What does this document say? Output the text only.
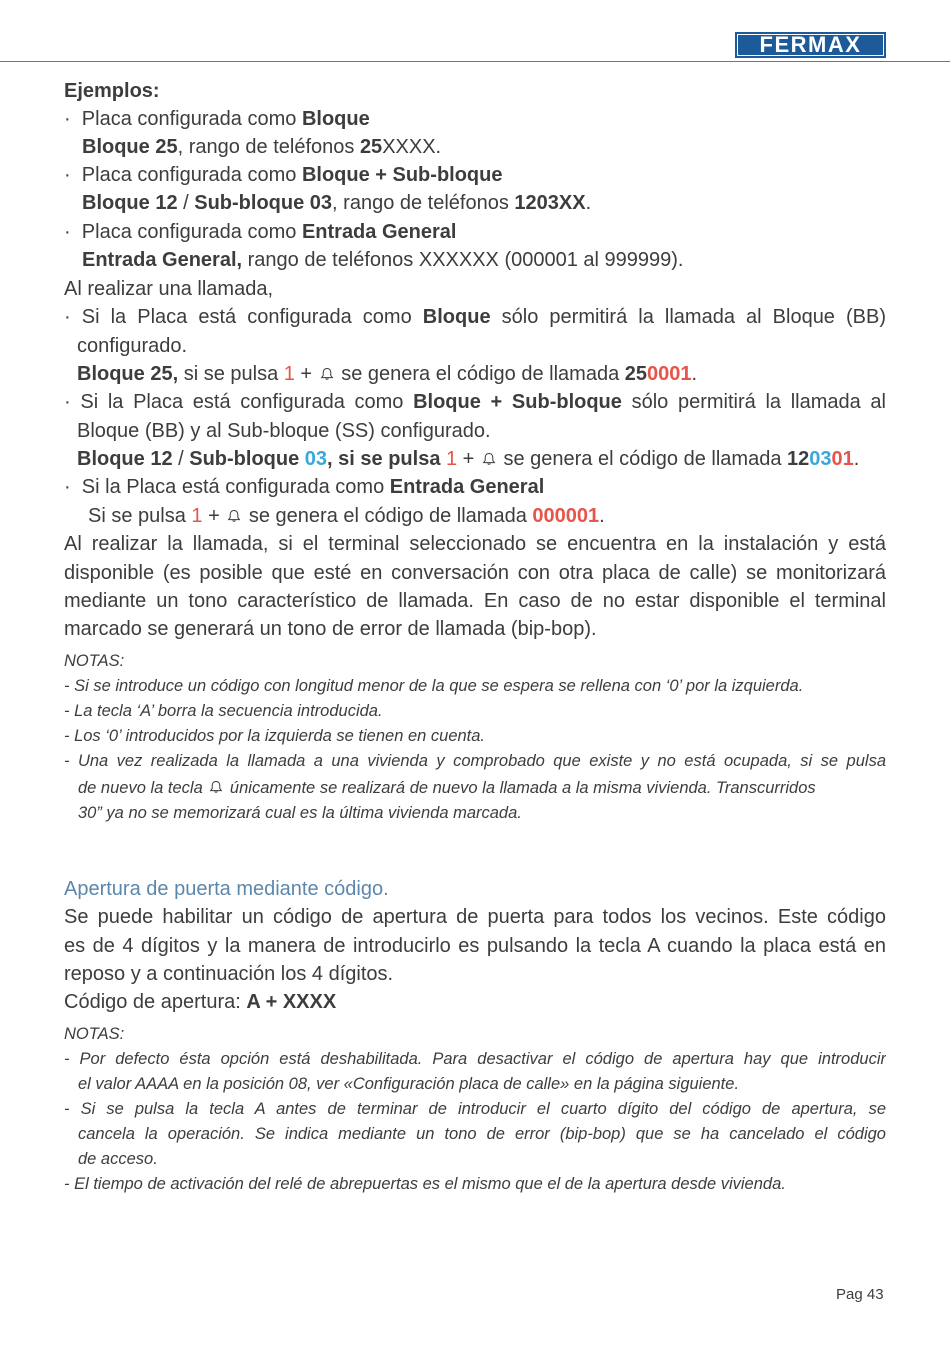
FERMAX
Ejemplos:
· Placa configurada como Bloque
Bloque 25, rango de teléfonos 25XXXX.
· Placa configurada como Bloque + Sub-bloque
Bloque 12 / Sub-bloque 03, rango de teléfonos 1203XX.
· Placa configurada como Entrada General
Entrada General, rango de teléfonos XXXXXX (000001 al 999999).
Al realizar una llamada,
· Si la Placa está configurada como Bloque sólo permitirá la llamada al Bloque (BB)
configurado.
Bloque 25, si se pulsa 1 +  se genera el código de llamada 250001.
· Si la Placa está configurada como Bloque + Sub-bloque sólo permitirá la llamada al
Bloque (BB) y al Sub-bloque (SS) configurado.
Bloque 12 / Sub-bloque 03, si se pulsa 1 +  se genera el código de llamada 120301.
· Si la Placa está configurada como Entrada General
Si se pulsa 1 +  se genera el código de llamada 000001.
Al realizar la llamada, si el terminal seleccionado se encuentra en la instalación y está
disponible (es posible que esté en conversación con otra placa de calle) se monitorizará
mediante un tono característico de llamada. En caso de no estar disponible el terminal
marcado se generará un tono de error de llamada (bip-bop).
NOTAS:
- Si se introduce un código con longitud menor de la que se espera se rellena con ‘0’ por la izquierda.
- La tecla ‘A’ borra la secuencia introducida.
- Los ‘0’ introducidos por la izquierda se tienen en cuenta.
- Una vez realizada la llamada a una vivienda y comprobado que existe y no está ocupada, si se pulsa
de nuevo la tecla  únicamente se realizará de nuevo la llamada a la misma vivienda. Transcurridos
30” ya no se memorizará cual es la última vivienda marcada.
Apertura de puerta mediante código.
Se puede habilitar un código de apertura de puerta para todos los vecinos. Este código
es de 4 dígitos y la manera de introducirlo es pulsando la tecla A cuando la placa está en
reposo y a continuación los 4 dígitos.
Código de apertura: A + XXXX
NOTAS:
- Por defecto ésta opción está deshabilitada. Para desactivar el código de apertura hay que introducir
el valor AAAA en la posición 08, ver «Configuración placa de calle» en la página siguiente.
- Si se pulsa la tecla A antes de terminar de introducir el cuarto dígito del código de apertura, se
cancela la operación. Se indica mediante un tono de error (bip-bop) que se ha cancelado el código
de acceso.
- El tiempo de activación del relé de abrepuertas es el mismo que el de la apertura desde vivienda.
Pag 43
